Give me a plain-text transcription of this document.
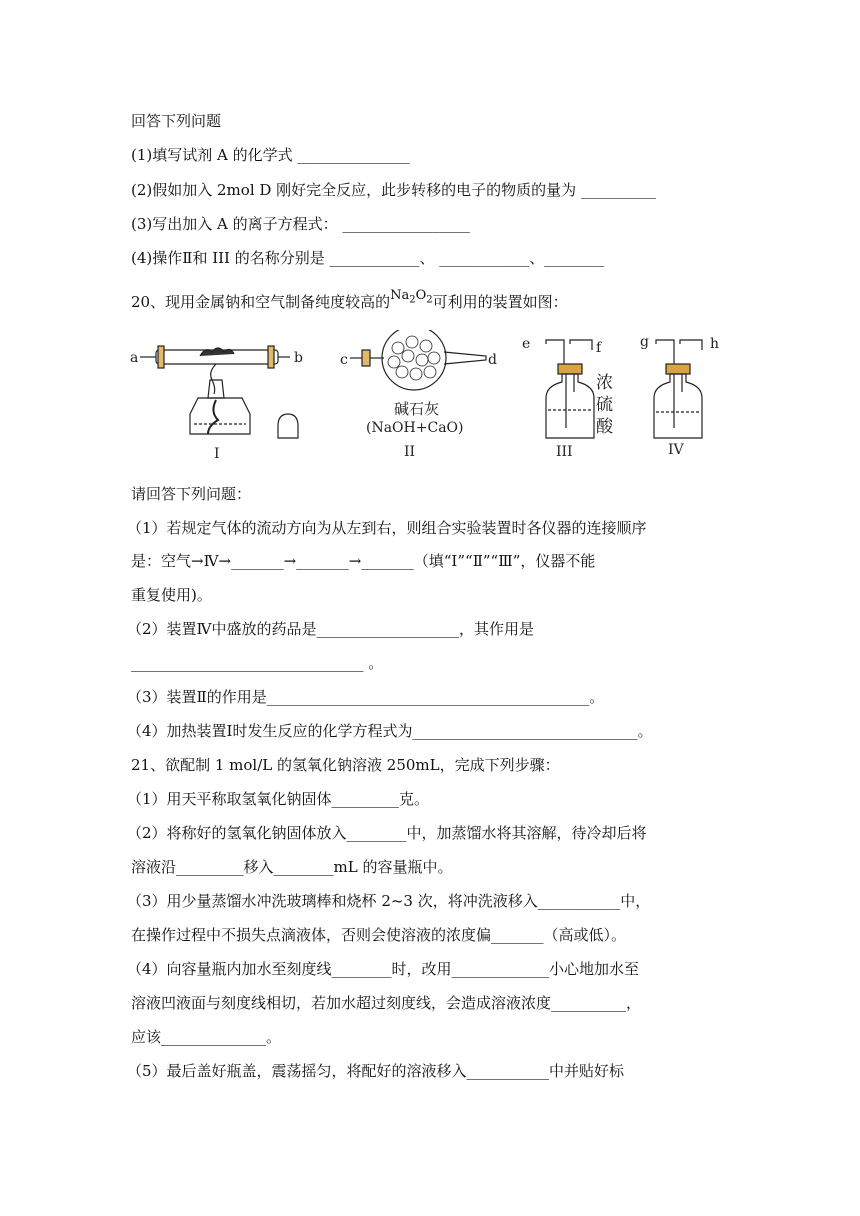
回答下列问题
(1)填写试剂 A 的化学式 _______________
(2)假如加入 2mol D 刚好完全反应，此步转移的电子的物质的量为 __________
(3)写出加入 A 的离子方程式： _________________
(4)操作Ⅱ和 III 的名称分别是 ____________、 ____________、________
20、现用金属钠和空气制备纯度较高的$Na_2O_2$可利用的装置如图：
a	b	c	d
e	f	g	h
碱石灰
(NaOH+CaO)
浓
硫
酸
I	II	III	IV
请回答下列问题：
（1）若规定气体的流动方向为从左到右，则组合实验装置时各仪器的连接顺序
是：空气→Ⅳ→_______→_______→_______（填“Ⅰ”“Ⅱ”“Ⅲ”，仪器不能
重复使用)。
（2）装置Ⅳ中盛放的药品是___________________，其作用是
_______________________________ 。
（3）装置Ⅱ的作用是___________________________________________。
（4）加热装置Ⅰ时发生反应的化学方程式为______________________________。
21、欲配制 1 mol/L 的氢氧化钠溶液 250mL，完成下列步骤：
（1）用天平称取氢氧化钠固体_________克。
（2）将称好的氢氧化钠固体放入________中，加蒸馏水将其溶解，待冷却后将
溶液沿_________移入________mL 的容量瓶中。
（3）用少量蒸馏水冲洗玻璃棒和烧杯 2~3 次，将冲洗液移入___________中，
在操作过程中不损失点滴液体，否则会使溶液的浓度偏_______（高或低）。
（4）向容量瓶内加水至刻度线________时，改用_____________小心地加水至
溶液凹液面与刻度线相切，若加水超过刻度线，会造成溶液浓度__________，
应该______________。
（5）最后盖好瓶盖，震荡摇匀，将配好的溶液移入___________中并贴好标
